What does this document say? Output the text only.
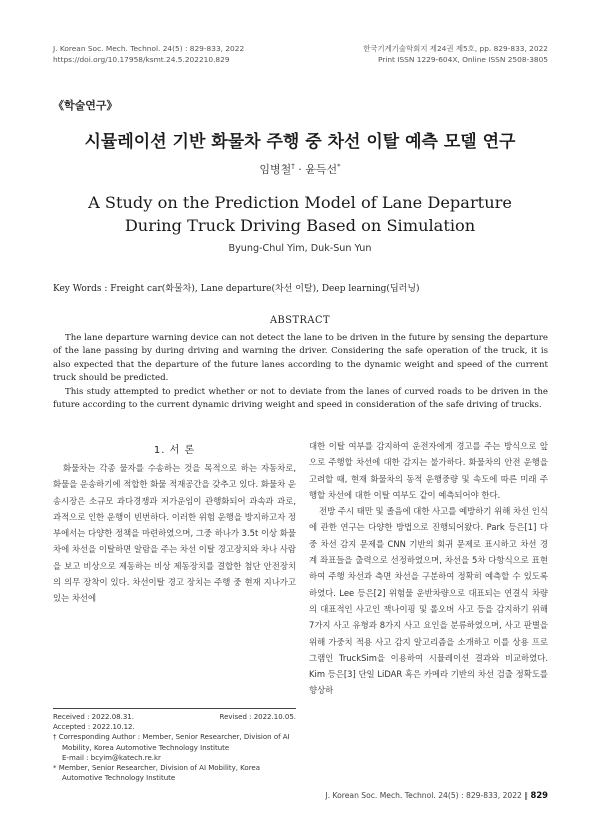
J. Korean Soc. Mech. Technol. 24(5) : 829-833, 2022
https://doi.org/10.17958/ksmt.24.5.202210.829
한국기계기술학회지 제24권 제5호, pp. 829-833, 2022
Print ISSN 1229-604X, Online ISSN 2508-3805
《학술연구》
시뮬레이션 기반 화물차 주행 중 차선 이탈 예측 모델 연구
임병철† · 윤득선*
A Study on the Prediction Model of Lane Departure
During Truck Driving Based on Simulation
Byung-Chul Yim, Duk-Sun Yun
Key Words : Freight car(화물차), Lane departure(차선 이탈), Deep learning(딥러닝)
ABSTRACT

The lane departure warning device can not detect the lane to be driven in the future by sensing the departure of the lane passing by during driving and warning the driver. Considering the safe operation of the truck, it is also expected that the departure of the future lanes according to the dynamic weight and speed of the current truck should be predicted.

This study attempted to predict whether or not to deviate from the lanes of curved roads to be driven in the future according to the current dynamic driving weight and speed in consideration of the safe driving of trucks.

1. 서 론

화물차는 각종 물자를 수송하는 것을 목적으로 하는 자동차로, 화물을 운송하기에 적합한 화물 적재공간을 갖추고 있다. 화물차 운송시장은 소규모 과다경쟁과 저가운임이 관행화되어 과속과 과로, 과적으로 인한 운행이 빈번하다. 이러한 위험 운행을 방지하고자 정부에서는 다양한 정책을 마련하였으며, 그중 하나가 3.5t 이상 화물차에 차선을 이탈하면 알람을 주는 차선 이탈 경고장치와 차나 사람을 보고 비상으로 제동하는 비상 제동장치를 결합한 첨단 안전장치의 의무 장착이 있다. 차선이탈 경고 장치는 주행 중 현재 지나가고 있는 차선에

대한 이탈 여부를 감지하여 운전자에게 경고를 주는 방식으로 앞으로 주행할 차선에 대한 감지는 불가하다. 화물차의 안전 운행을 고려할 때, 현재 화물차의 동적 운행중량 및 속도에 따른 미래 주행할 차선에 대한 이탈 여부도 같이 예측되어야 한다.

전방 주시 태만 및 졸음에 대한 사고를 예방하기 위해 차선 인식에 관한 연구는 다양한 방법으로 진행되어왔다. Park 등은[1] 다중 차선 감지 문제를 CNN 기반의 회귀 문제로 표시하고 차선 경계 좌표들을 출력으로 선정하였으며, 차선을 5차 다항식으로 표현하여 주행 차선과 측면 차선을 구분하여 정확히 예측할 수 있도록 하였다. Lee 등은[2] 위험물 운반차량으로 대표되는 연결식 차량의 대표적인 사고인 잭나이핑 및 롤오버 사고 등을 감지하기 위해 7가지 사고 유형과 8가지 사고 요인을 분류하였으며, 사고 판별을 위해 가중치 적용 사고 감지 알고리즘을 소개하고 이를 상용 프로그램인 TruckSim을 이용하여 시뮬레이션 결과와 비교하였다. Kim 등은[3] 단일 LiDAR 혹은 카메라 기반의 차선 검출 정확도를 향상하

Received : 2022.08.31.	Revised : 2022.10.05.
Accepted : 2022.10.12.
† Corresponding Author : Member, Senior Researcher, Division of AI Mobility, Korea Automotive Technology Institute
E-mail : bcyim@katech.re.kr
* Member, Senior Researcher, Division of AI Mobility, Korea Automotive Technology Institute
J. Korean Soc. Mech. Technol. 24(5) : 829-833, 2022 ‖ 829
